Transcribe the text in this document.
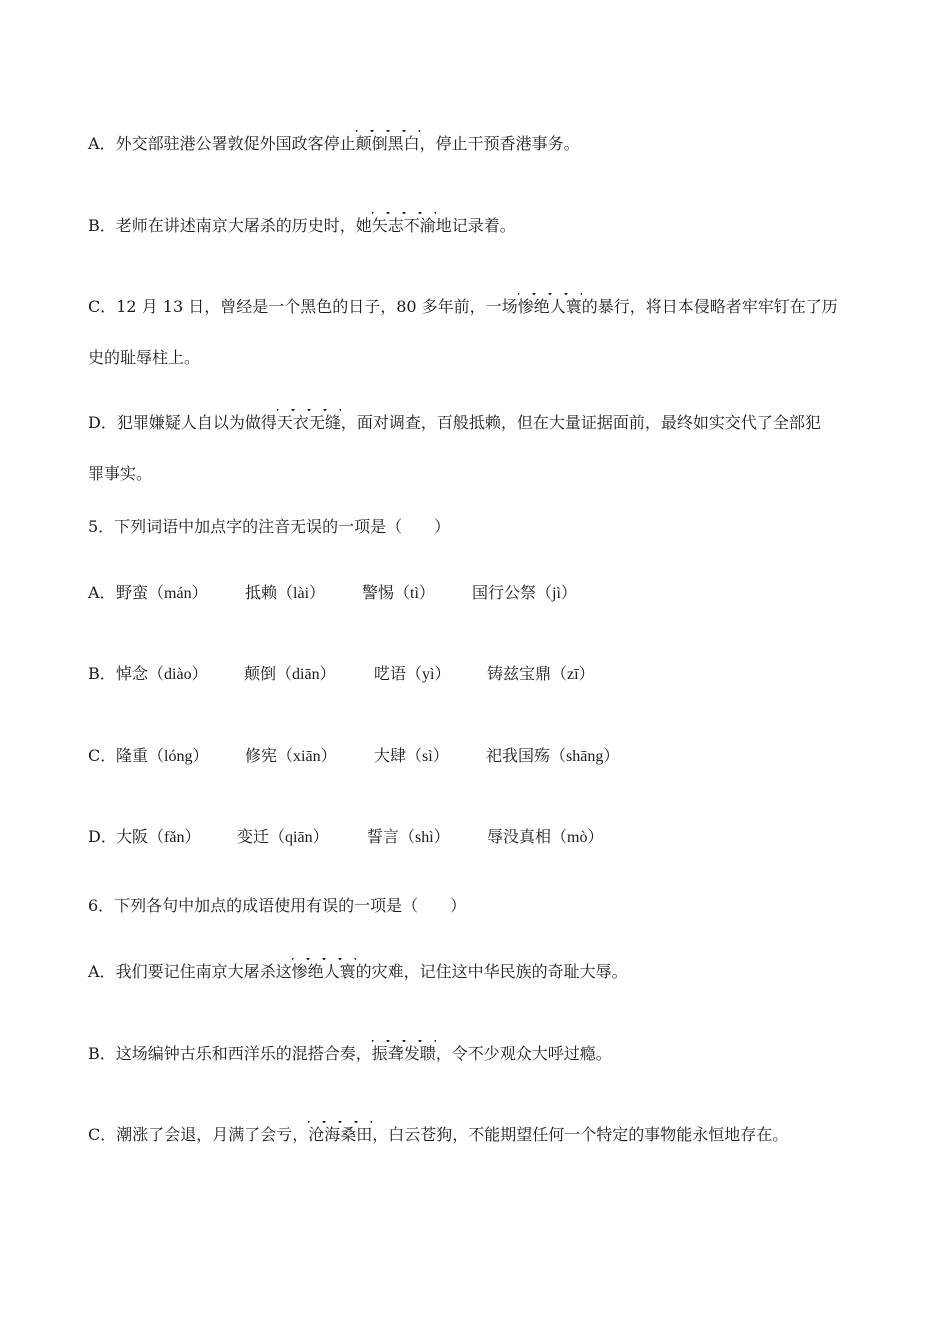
A．外交部驻港公署敦促外国政客停止颠倒黑白，停止干预香港事务。
B．老师在讲述南京大屠杀的历史时，她矢志不渝地记录着。
C．12 月 13 日，曾经是一个黑色的日子，80 多年前，一场惨绝人寰的暴行，将日本侵略者牢牢钉在了历
史的耻辱柱上。
D．犯罪嫌疑人自以为做得天衣无缝，面对调查，百般抵赖，但在大量证据面前，最终如实交代了全部犯
罪事实。
5．下列词语中加点字的注音无误的一项是（　　）
A． 野蛮（mán） 抵赖（lài） 警惕（tì） 国行公祭（jì）
B． 悼念（diào） 颠倒（diān） 呓语（yì） 铸兹宝鼎（zī）
C． 隆重（lóng） 修宪（xiān） 大肆（sì） 祀我国殇（shāng）
D． 大阪（fǎn） 变迁（qiān） 誓言（shì） 辱没真相（mò）
6．下列各句中加点的成语使用有误的一项是（　　）
A．我们要记住南京大屠杀这惨绝人寰的灾难，记住这中华民族的奇耻大辱。
B．这场编钟古乐和西洋乐的混搭合奏，振聋发聩，令不少观众大呼过瘾。
C．潮涨了会退，月满了会亏，沧海桑田，白云苍狗，不能期望任何一个特定的事物能永恒地存在。
